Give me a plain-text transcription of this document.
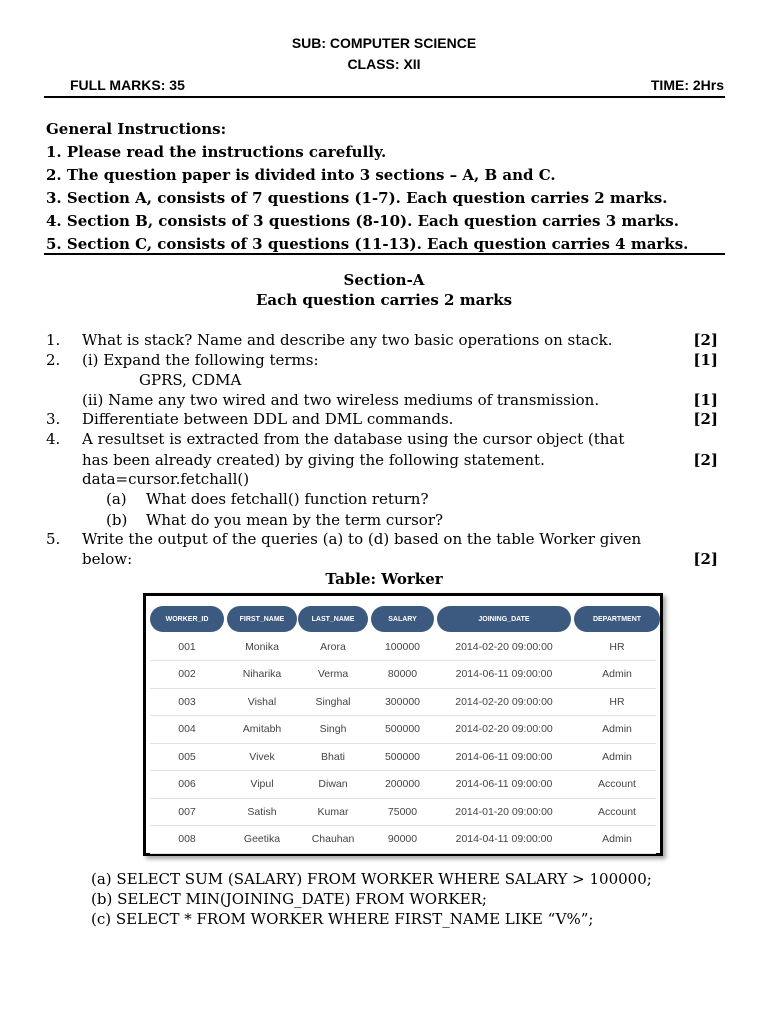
SUB: COMPUTER SCIENCE
CLASS: XII
FULL MARKS: 35	TIME: 2Hrs
General Instructions:
1. Please read the instructions carefully.
2. The question paper is divided into 3 sections – A, B and C.
3. Section A, consists of 7 questions (1-7). Each question carries 2 marks.
4. Section B, consists of 3 questions (8-10). Each question carries 3 marks.
5. Section C, consists of 3 questions (11-13). Each question carries 4 marks.
Section-A
Each question carries 2 marks
1. What is stack? Name and describe any two basic operations on stack.	[2]
2. (i) Expand the following terms:	[1]
GPRS, CDMA
(ii) Name any two wired and two wireless mediums of transmission.	[1]
3. Differentiate between DDL and DML commands.	[2]
4. A resultset is extracted from the database using the cursor object (that
has been already created) by giving the following statement.	[2]
data=cursor.fetchall()
(a) What does fetchall() function return?
(b) What do you mean by the term cursor?
5. Write the output of the queries (a) to (d) based on the table Worker given
below:	[2]
Table: Worker
WORKER_ID	FIRST_NAME	LAST_NAME	SALARY	JOINING_DATE	DEPARTMENT
001	Monika	Arora	100000	2014-02-20 09:00:00	HR
002	Niharika	Verma	80000	2014-06-11 09:00:00	Admin
003	Vishal	Singhal	300000	2014-02-20 09:00:00	HR
004	Amitabh	Singh	500000	2014-02-20 09:00:00	Admin
005	Vivek	Bhati	500000	2014-06-11 09:00:00	Admin
006	Vipul	Diwan	200000	2014-06-11 09:00:00	Account
007	Satish	Kumar	75000	2014-01-20 09:00:00	Account
008	Geetika	Chauhan	90000	2014-04-11 09:00:00	Admin
(a) SELECT SUM (SALARY) FROM WORKER WHERE SALARY > 100000;
(b) SELECT MIN(JOINING_DATE) FROM WORKER;
(c) SELECT * FROM WORKER WHERE FIRST_NAME LIKE “V%”;
